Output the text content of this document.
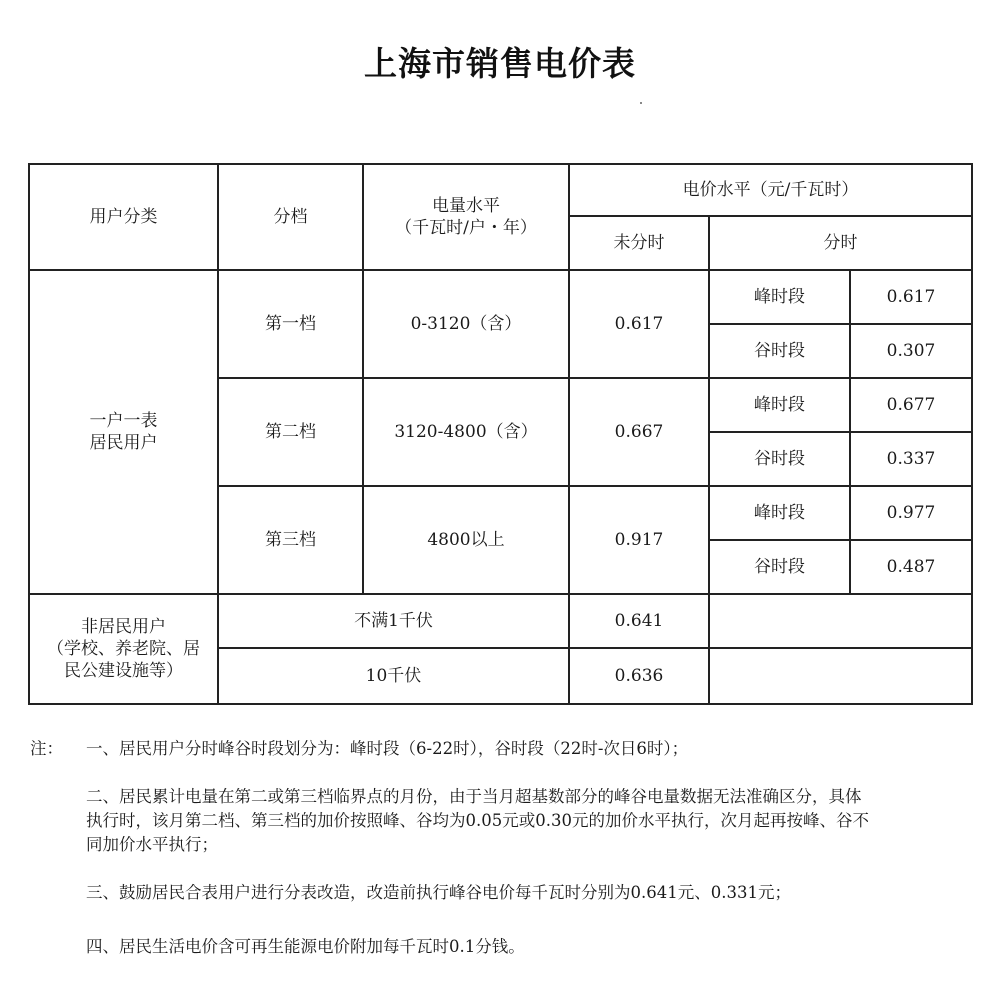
上海市销售电价表
用户分类	分档	电量水平
（千瓦时/户・年）	电价水平（元/千瓦时）		
			未分时	分时	

一户一表
居民用户	第一档	0-3120（含）	0.617	峰时段	0.617
				谷时段	0.307
	第二档	3120-4800（含）	0.667	峰时段	0.677
				谷时段	0.337
	第三档	4800以上	0.917	峰时段	0.977
				谷时段	0.487

非居民用户
（学校、养老院、居
民公建设施等）	不满1千伏		0.641		
	10千伏		0.636		
注： 一、居民用户分时峰谷时段划分为：峰时段（6-22时），谷时段（22时-次日6时）；
二、居民累计电量在第二或第三档临界点的月份，由于当月超基数部分的峰谷电量数据无法准确区分，具体
执行时，该月第二档、第三档的加价按照峰、谷均为0.05元或0.30元的加价水平执行，次月起再按峰、谷不
同加价水平执行；
三、鼓励居民合表用户进行分表改造，改造前执行峰谷电价每千瓦时分别为0.641元、0.331元；
四、居民生活电价含可再生能源电价附加每千瓦时0.1分钱。
